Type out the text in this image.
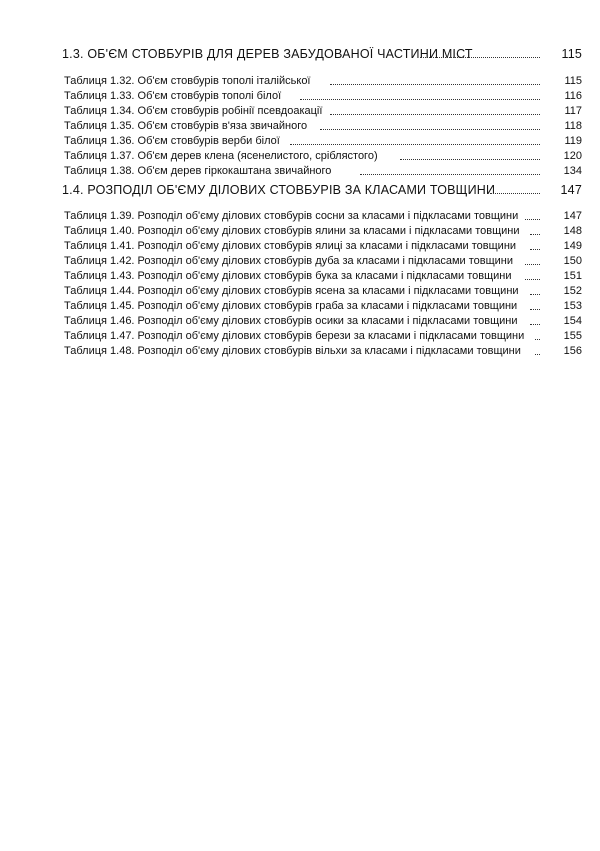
1.3. ОБ'ЄМ СТОВБУРІВ ДЛЯ ДЕРЕВ ЗАБУДОВАНОЇ ЧАСТИНИ МІСТ	115
Таблиця 1.32. Об'єм стовбурів тополі італійської	115
Таблиця 1.33. Об'єм стовбурів тополі білої	116
Таблиця 1.34. Об'єм стовбурів робінії псевдоакації	117
Таблиця 1.35. Об'єм стовбурів в'яза звичайного	118
Таблиця 1.36. Об'єм стовбурів верби білої	119
Таблиця 1.37. Об'єм дерев клена (ясенелистого, сріблястого)	120
Таблиця 1.38. Об'єм дерев гіркокаштана звичайного	134
1.4. РОЗПОДІЛ ОБ'ЄМУ ДІЛОВИХ СТОВБУРІВ ЗА КЛАСАМИ ТОВЩИНИ	147
Таблиця 1.39. Розподіл об'єму ділових стовбурів сосни за класами і підкласами товщини	147
Таблиця 1.40. Розподіл об'єму ділових стовбурів ялини за класами і підкласами товщини	148
Таблиця 1.41. Розподіл об'єму ділових стовбурів ялиці за класами і підкласами товщини	149
Таблиця 1.42. Розподіл об'єму ділових стовбурів дуба за класами і підкласами товщини	150
Таблиця 1.43. Розподіл об'єму ділових стовбурів бука за класами і підкласами товщини	151
Таблиця 1.44. Розподіл об'єму ділових стовбурів ясена за класами і підкласами товщини	152
Таблиця 1.45. Розподіл об'єму ділових стовбурів граба за класами і підкласами товщини	153
Таблиця 1.46. Розподіл об'єму ділових стовбурів осики за класами і підкласами товщини	154
Таблиця 1.47. Розподіл об'єму ділових стовбурів берези за класами і підкласами товщини	155
Таблиця 1.48. Розподіл об'єму ділових стовбурів вільхи за класами і підкласами товщини	156
